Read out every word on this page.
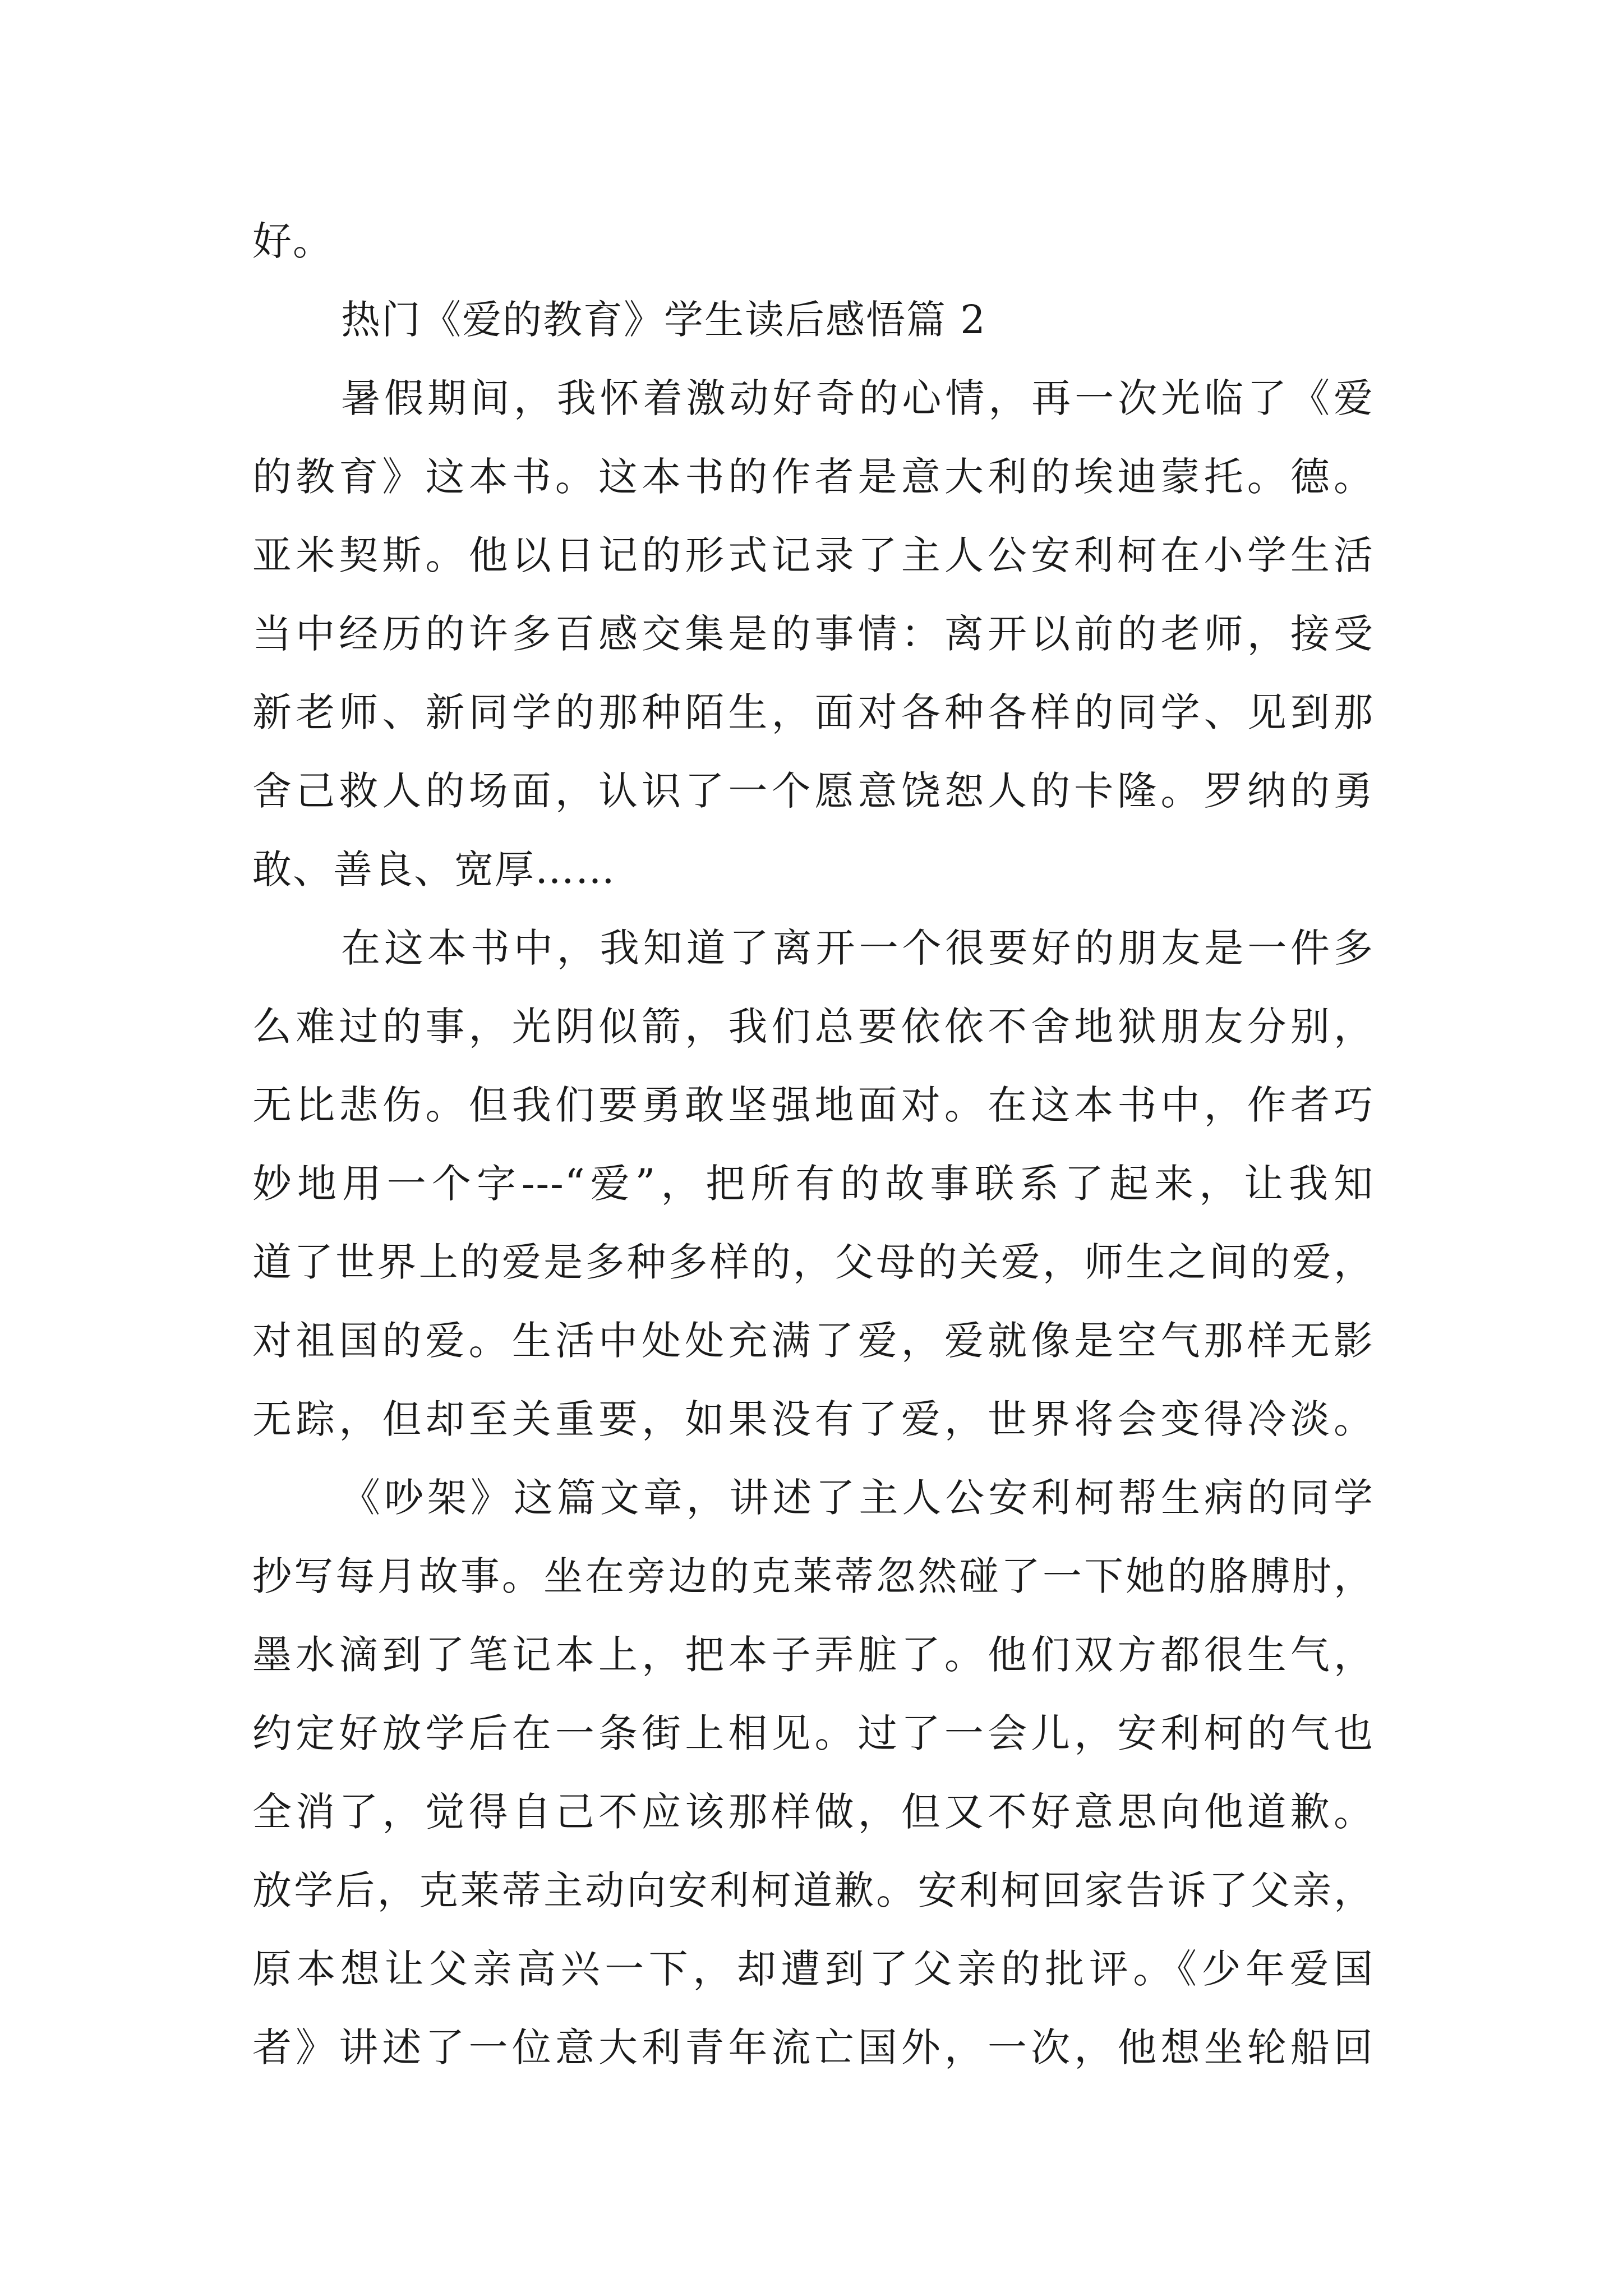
好。
热门《爱的教育》学生读后感悟篇 2
暑假期间，我怀着激动好奇的心情，再一次光临了《爱
的教育》这本书。这本书的作者是意大利的埃迪蒙托。德。
亚米契斯。他以日记的形式记录了主人公安利柯在小学生活
当中经历的许多百感交集是的事情：离开以前的老师，接受
新老师、新同学的那种陌生，面对各种各样的同学、见到那
舍己救人的场面，认识了一个愿意饶恕人的卡隆。罗纳的勇
敢、善良、宽厚……
在这本书中，我知道了离开一个很要好的朋友是一件多
么难过的事，光阴似箭，我们总要依依不舍地狱朋友分别，
无比悲伤。但我们要勇敢坚强地面对。在这本书中，作者巧
妙地用一个字---“爱”，把所有的故事联系了起来，让我知
道了世界上的爱是多种多样的，父母的关爱，师生之间的爱，
对祖国的爱。生活中处处充满了爱，爱就像是空气那样无影
无踪，但却至关重要，如果没有了爱，世界将会变得冷淡。
《吵架》这篇文章，讲述了主人公安利柯帮生病的同学
抄写每月故事。坐在旁边的克莱蒂忽然碰了一下她的胳膊肘，
墨水滴到了笔记本上，把本子弄脏了。他们双方都很生气，
约定好放学后在一条街上相见。过了一会儿，安利柯的气也
全消了，觉得自己不应该那样做，但又不好意思向他道歉。
放学后，克莱蒂主动向安利柯道歉。安利柯回家告诉了父亲，
原本想让父亲高兴一下，却遭到了父亲的批评。《少年爱国
者》讲述了一位意大利青年流亡国外，一次，他想坐轮船回
